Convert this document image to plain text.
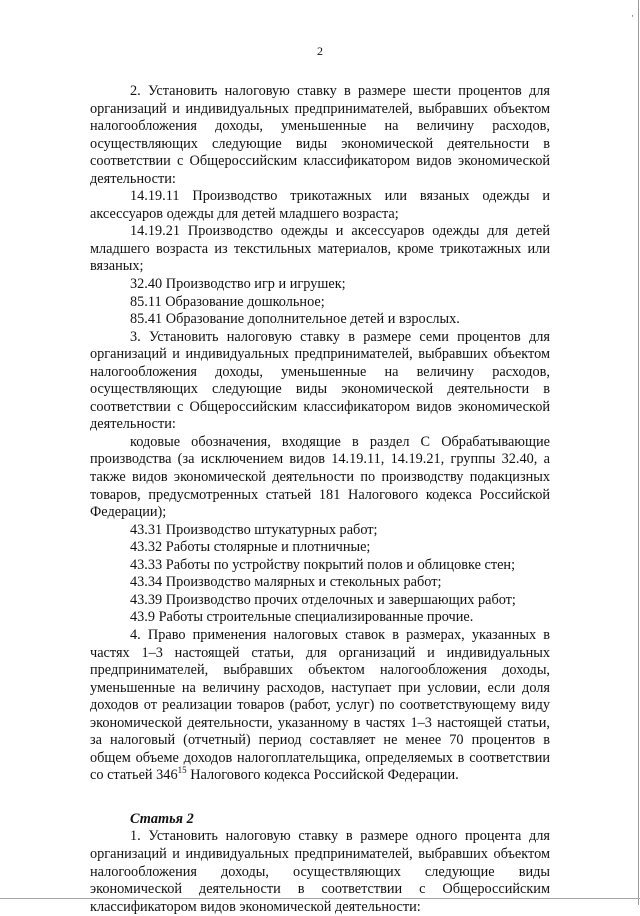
·
2

2. Установить налоговую ставку в размере шести процентов для организаций и индивидуальных предпринимателей, выбравших объектом налогообложения доходы, уменьшенные на величину расходов, осуществляющих следующие виды экономической деятельности в соответствии с Общероссийским классификатором видов экономической деятельности:

14.19.11 Производство трикотажных или вязаных одежды и аксессуаров одежды для детей младшего возраста;

14.19.21 Производство одежды и аксессуаров одежды для детей младшего возраста из текстильных материалов, кроме трикотажных или вязаных;

32.40 Производство игр и игрушек;

85.11 Образование дошкольное;

85.41 Образование дополнительное детей и взрослых.

3. Установить налоговую ставку в размере семи процентов для организаций и индивидуальных предпринимателей, выбравших объектом налогообложения доходы, уменьшенные на величину расходов, осуществляющих следующие виды экономической деятельности в соответствии с Общероссийским классификатором видов экономической деятельности:

кодовые обозначения, входящие в раздел С Обрабатывающие производства (за исключением видов 14.19.11, 14.19.21, группы 32.40, а также видов экономической деятельности по производству подакцизных товаров, предусмотренных статьей 181 Налогового кодекса Российской Федерации);

43.31 Производство штукатурных работ;

43.32 Работы столярные и плотничные;

43.33 Работы по устройству покрытий полов и облицовке стен;

43.34 Производство малярных и стекольных работ;

43.39 Производство прочих отделочных и завершающих работ;

43.9 Работы строительные специализированные прочие.

4. Право применения налоговых ставок в размерах, указанных в частях 1–3 настоящей статьи, для организаций и индивидуальных предпринимателей, выбравших объектом налогообложения доходы, уменьшенные на величину расходов, наступает при условии, если доля доходов от реализации товаров (работ, услуг) по соответствующему виду экономической деятельности, указанному в частях 1–3 настоящей статьи, за налоговый (отчетный) период составляет не менее 70 процентов в общем объеме доходов налогоплательщика, определяемых в соответствии со статьей $346^{15}$ Налогового кодекса Российской Федерации.

Статья 2

1. Установить налоговую ставку в размере одного процента для организаций и индивидуальных предпринимателей, выбравших объектом налогообложения доходы, осуществляющих следующие виды экономической деятельности в соответствии с Общероссийским классификатором видов экономической деятельности:
